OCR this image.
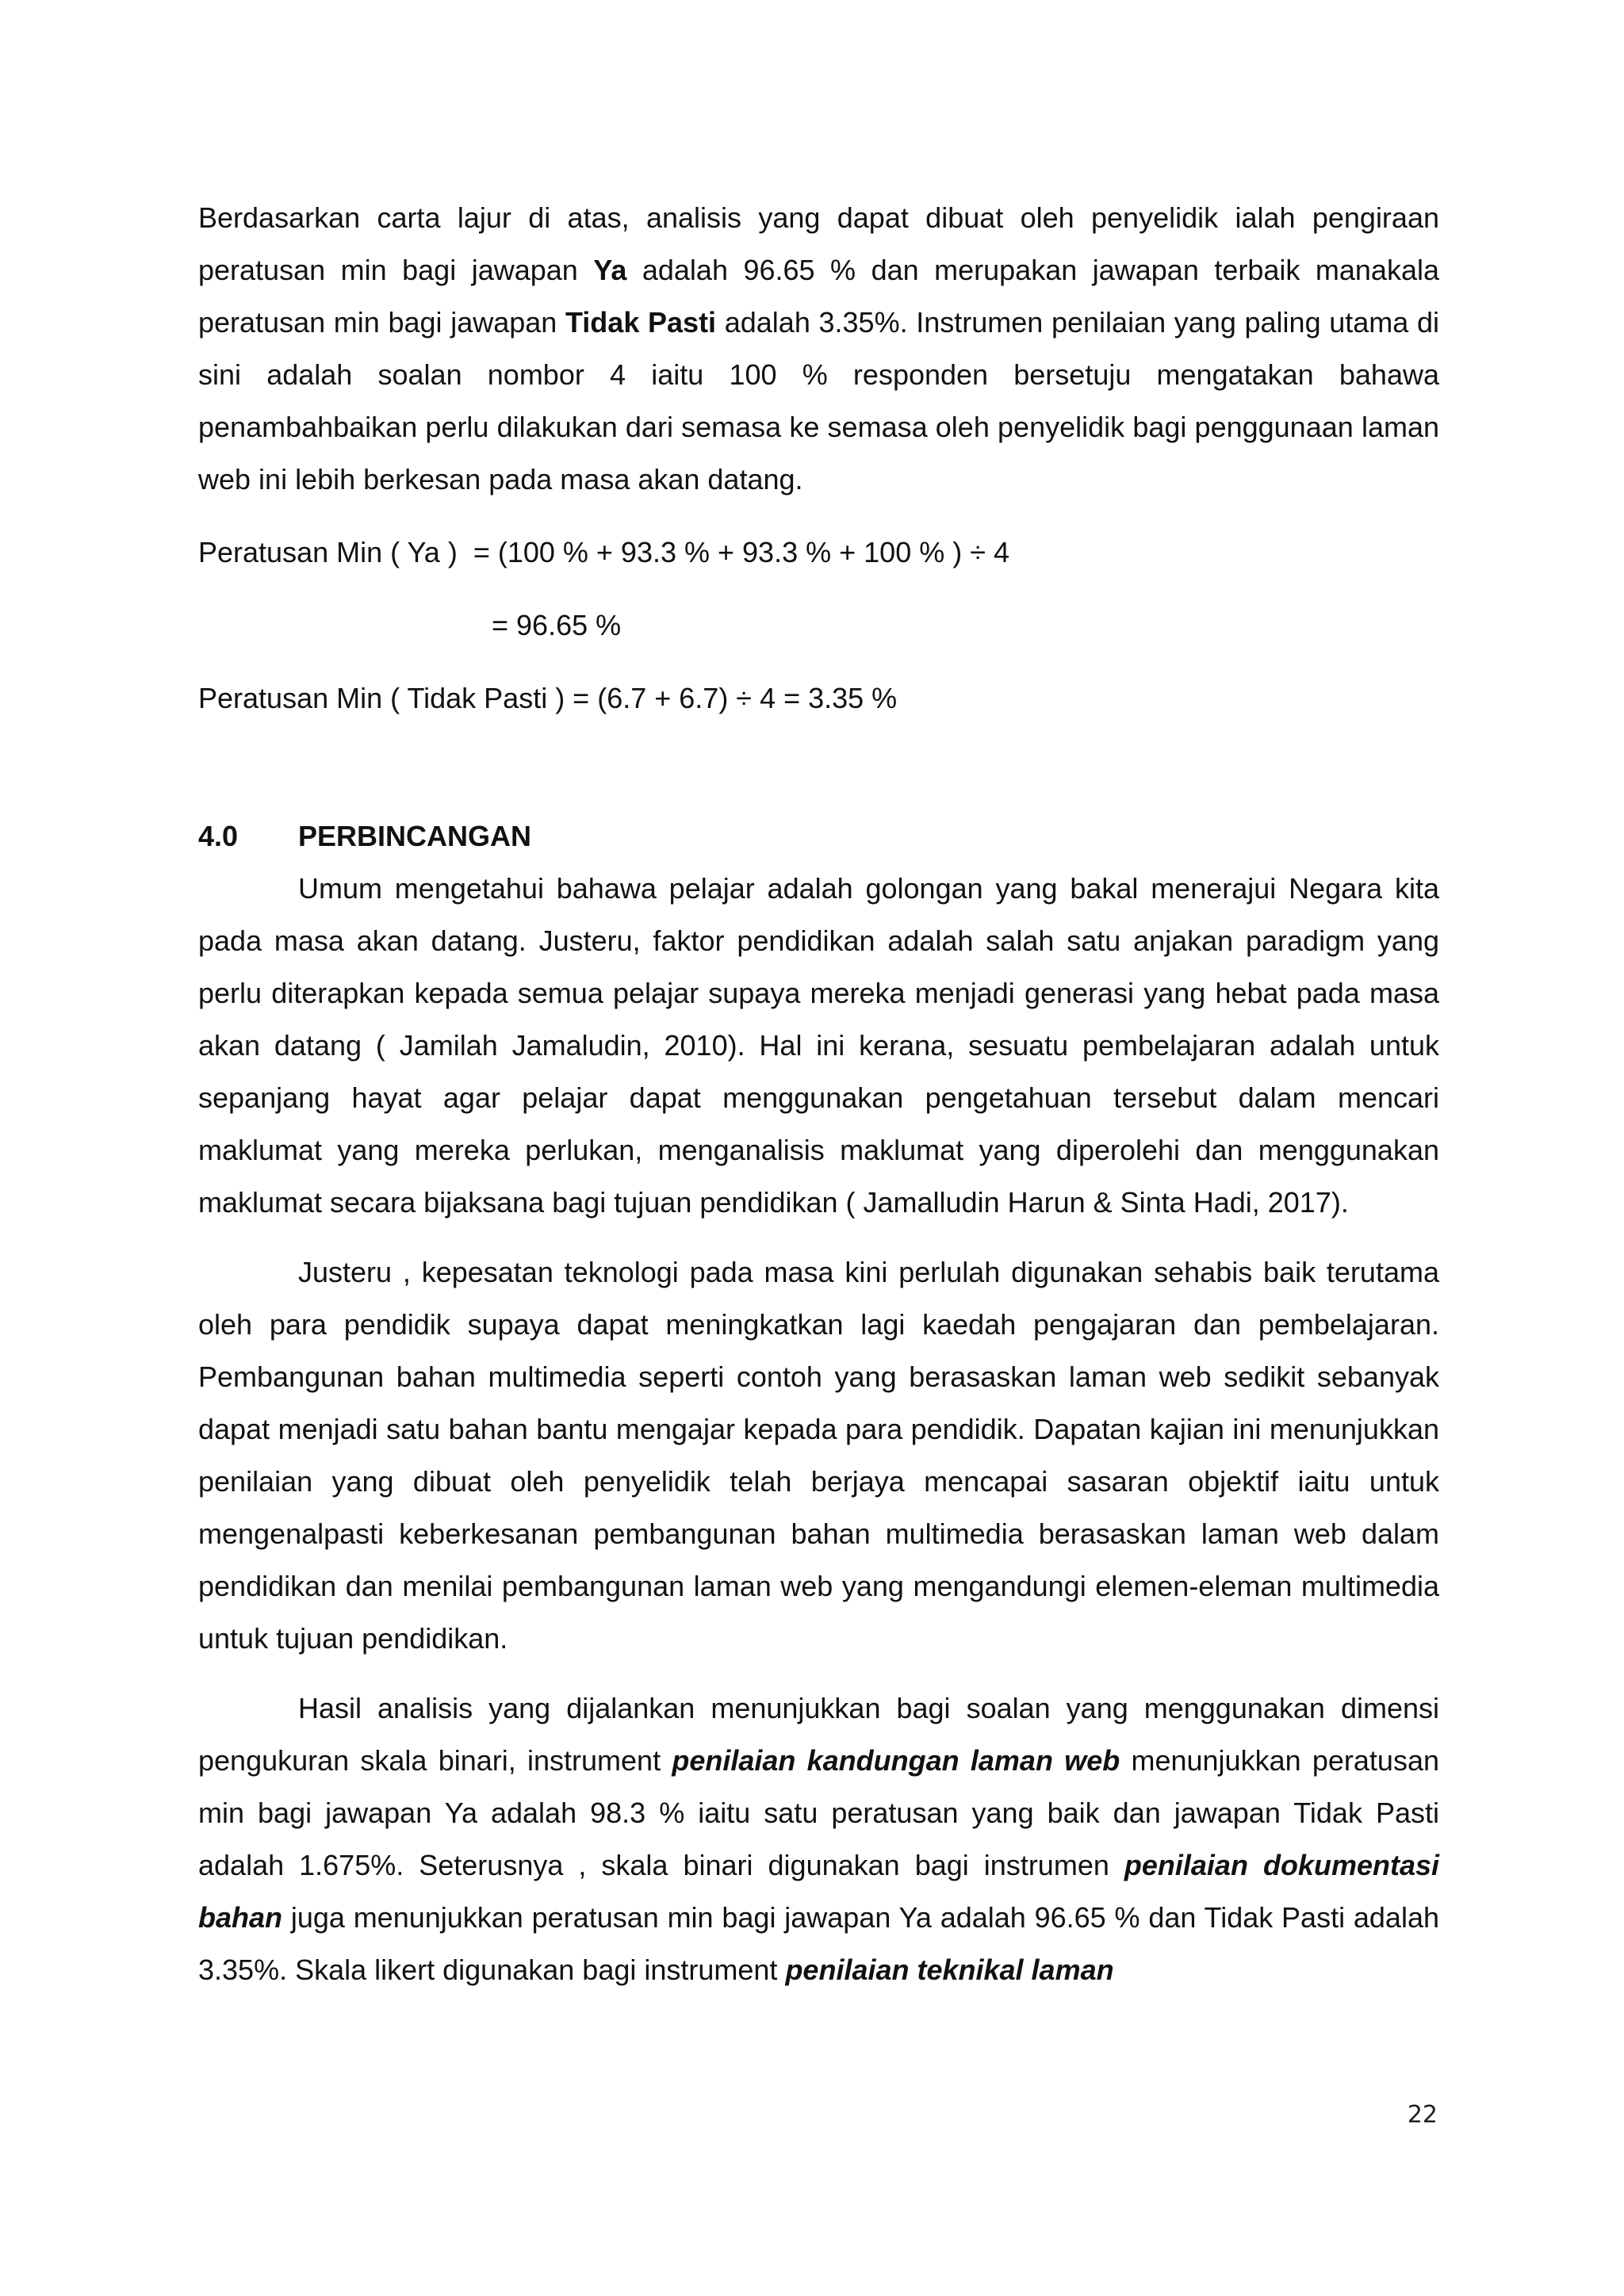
Berdasarkan carta lajur di atas, analisis yang dapat dibuat oleh penyelidik ialah pengiraan peratusan min bagi jawapan Ya adalah 96.65 % dan merupakan jawapan terbaik manakala peratusan min bagi jawapan Tidak Pasti adalah 3.35%. Instrumen penilaian yang paling utama di sini adalah soalan nombor 4 iaitu 100 % responden bersetuju mengatakan bahawa penambahbaikan perlu dilakukan dari semasa ke semasa oleh penyelidik bagi penggunaan laman web ini lebih berkesan pada masa akan datang.

Peratusan Min ( Ya )  = (100 % + 93.3 % + 93.3 % + 100 % ) ÷ 4

= 96.65 %

Peratusan Min ( Tidak Pasti ) = (6.7 + 6.7) ÷ 4 = 3.35 %

4.0	PERBINCANGAN

Umum mengetahui bahawa pelajar adalah golongan yang bakal menerajui Negara kita pada masa akan datang. Justeru, faktor pendidikan adalah salah satu anjakan paradigm yang perlu diterapkan kepada semua pelajar supaya mereka menjadi generasi yang hebat pada masa akan datang ( Jamilah Jamaludin, 2010). Hal ini kerana, sesuatu pembelajaran adalah untuk sepanjang hayat agar pelajar dapat menggunakan pengetahuan tersebut dalam mencari maklumat yang mereka perlukan, menganalisis maklumat yang diperolehi dan menggunakan maklumat secara bijaksana bagi tujuan pendidikan ( Jamalludin Harun & Sinta Hadi, 2017).

Justeru , kepesatan teknologi pada masa kini perlulah digunakan sehabis baik terutama oleh para pendidik supaya dapat meningkatkan lagi kaedah pengajaran dan pembelajaran. Pembangunan bahan multimedia seperti contoh yang berasaskan laman web sedikit sebanyak dapat menjadi satu bahan bantu mengajar kepada para pendidik. Dapatan kajian ini menunjukkan penilaian yang dibuat oleh penyelidik telah berjaya mencapai sasaran objektif iaitu untuk mengenalpasti keberkesanan pembangunan bahan multimedia berasaskan laman web dalam pendidikan dan menilai pembangunan laman web yang mengandungi elemen-eleman multimedia untuk tujuan pendidikan.

Hasil analisis yang dijalankan menunjukkan bagi soalan yang menggunakan dimensi pengukuran skala binari, instrument penilaian kandungan laman web menunjukkan peratusan min bagi jawapan Ya adalah 98.3 % iaitu satu peratusan yang baik dan jawapan Tidak Pasti adalah 1.675%. Seterusnya , skala binari digunakan bagi instrumen penilaian dokumentasi bahan juga menunjukkan peratusan min bagi jawapan Ya adalah 96.65 % dan Tidak Pasti adalah 3.35%. Skala likert digunakan bagi instrument penilaian teknikal laman

22
